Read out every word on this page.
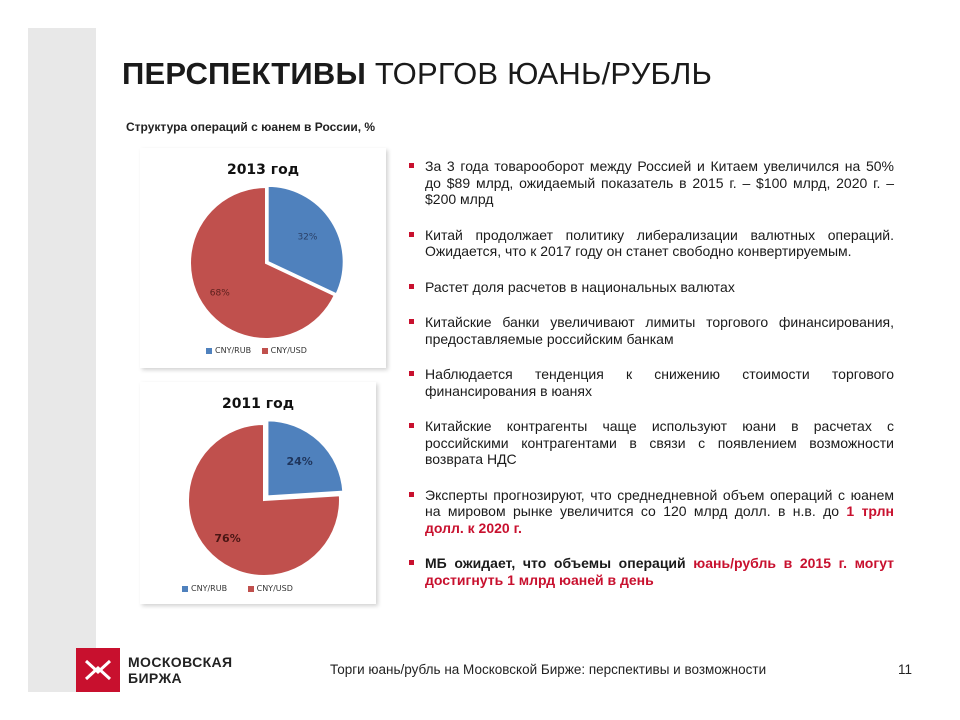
ПЕРСПЕКТИВЫ ТОРГОВ ЮАНЬ/РУБЛЬ
Структура операций с юанем в России, %
2013 год
32%
68%
CNY/RUB CNY/USD
2011 год
24%
76%
CNY/RUB	CNY/USD
За 3 года товарооборот между Россией и Китаем увеличился на 50% до $89 млрд, ожидаемый показатель в 2015 г. – $100 млрд, 2020 г. – $200 млрд
Китай продолжает политику либерализации валютных операций. Ожидается, что к 2017 году он станет свободно конвертируемым.
Растет доля расчетов в национальных валютах
Китайские банки увеличивают лимиты торгового финансирования, предоставляемые российским банкам
Наблюдается тенденция к снижению стоимости торгового финансирования в юанях
Китайские контрагенты чаще используют юани в расчетах с российскими контрагентами в связи с появлением возможности возврата НДС
Эксперты прогнозируют, что среднедневной объем операций с юанем на мировом рынке увеличится со 120 млрд долл. в н.в. до 1 трлн долл. к 2020 г.
МБ ожидает, что объемы операций юань/рубль в 2015 г. могут достигнуть 1 млрд юаней в день
МОСКОВСКАЯ
БИРЖА
Торги юань/рубль на Московской Бирже: перспективы и возможности	11
